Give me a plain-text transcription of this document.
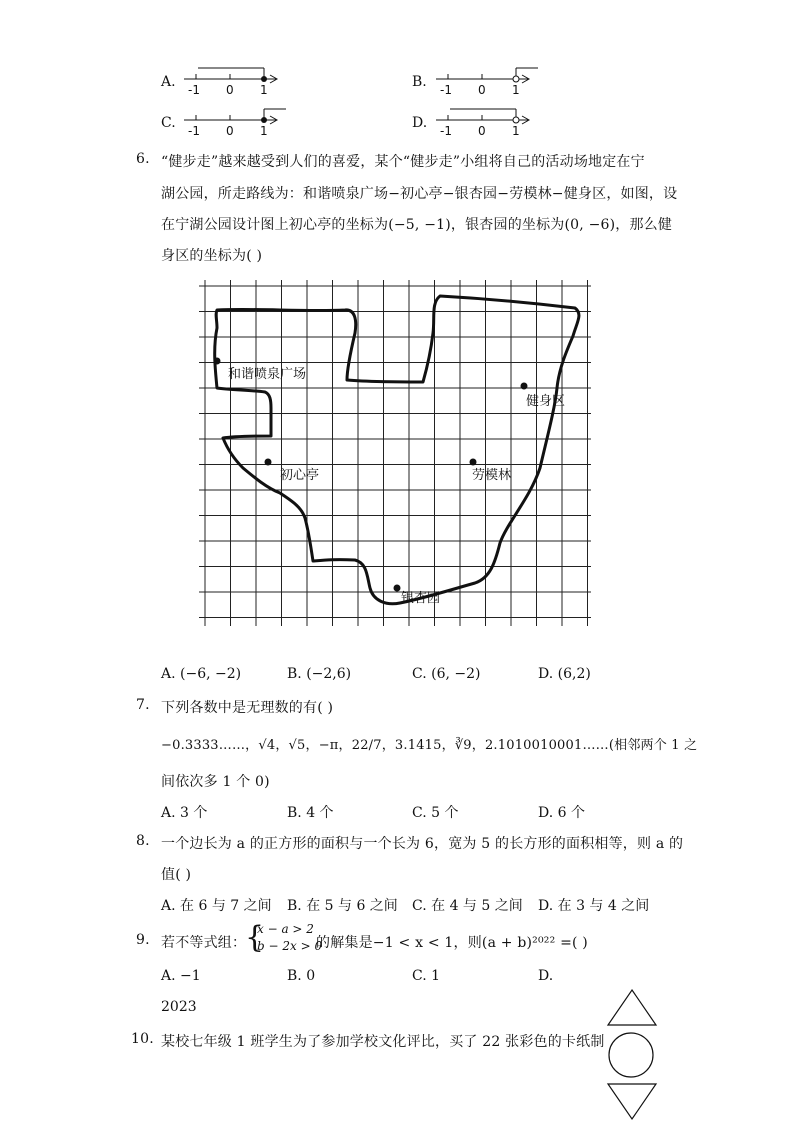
A.	B.
C.	D.
-1 0 1	-1 0 1
-1 0 1	-1 0 1
6. “健步走”越来越受到人们的喜爱，某个“健步走”小组将自己的活动场地定在宁
湖公园，所走路线为：和谐喷泉广场−初心亭−银杏园−劳模林−健身区，如图，设
在宁湖公园设计图上初心亭的坐标为(−5, −1)，银杏园的坐标为(0, −6)，那么健
身区的坐标为( )
和谐喷泉广场
初心亭	劳模林
健身区
银杏园
A. (−6, −2)	B. (−2,6)	C. (6, −2)	D. (6,2)
7. 下列各数中是无理数的有( )
−0.3333……，√4，√5，−π，22/7，3.1415，∛9，2.1010010001……(相邻两个 1 之
间依次多 1 个 0)
A. 3 个	B. 4 个	C. 5 个	D. 6 个
8. 一个边长为 a 的正方形的面积与一个长为 6，宽为 5 的长方形的面积相等，则 a 的
值( )
A. 在 6 与 7 之间 B. 在 5 与 6 之间 C. 在 4 与 5 之间 D. 在 3 与 4 之间
9. 若不等式组：
{
x − a > 2
b − 2x > 0
的解集是−1 < x < 1，则(a + b)²⁰²² =( )
A. −1	B. 0	C. 1	D.
2023
10. 某校七年级 1 班学生为了参加学校文化评比，买了 22 张彩色的卡纸制
